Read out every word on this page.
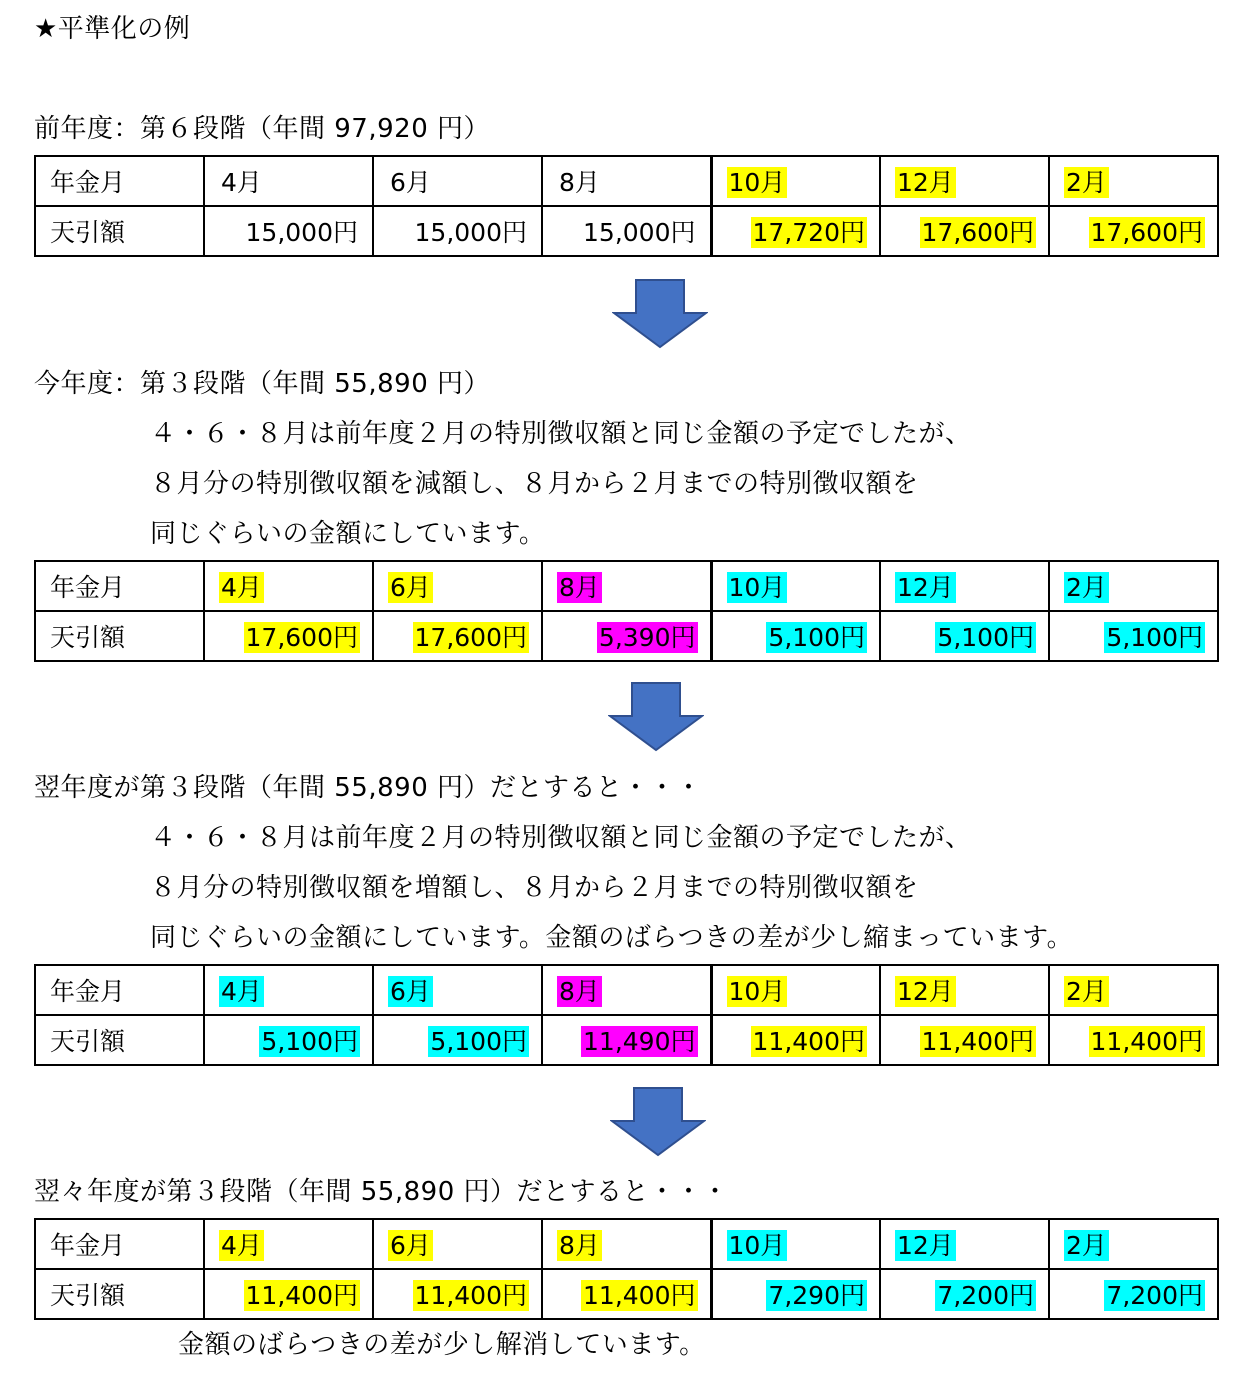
★平準化の例
前年度：第６段階（年間 97,920 円）
年金月	4月	6月	8月	10月	12月	2月
天引額	15,000円	15,000円	15,000円	17,720円	17,600円	17,600円
今年度：第３段階（年間 55,890 円）
４・６・８月は前年度２月の特別徴収額と同じ金額の予定でしたが、
８月分の特別徴収額を減額し、８月から２月までの特別徴収額を
同じぐらいの金額にしています。
年金月	4月	6月	8月	10月	12月	2月
天引額	17,600円	17,600円	5,390円	5,100円	5,100円	5,100円
翌年度が第３段階（年間 55,890 円）だとすると・・・
４・６・８月は前年度２月の特別徴収額と同じ金額の予定でしたが、
８月分の特別徴収額を増額し、８月から２月までの特別徴収額を
同じぐらいの金額にしています。金額のばらつきの差が少し縮まっています。
年金月	4月	6月	8月	10月	12月	2月
天引額	5,100円	5,100円	11,490円	11,400円	11,400円	11,400円
翌々年度が第３段階（年間 55,890 円）だとすると・・・
年金月	4月	6月	8月	10月	12月	2月
天引額	11,400円	11,400円	11,400円	7,290円	7,200円	7,200円
金額のばらつきの差が少し解消しています。
